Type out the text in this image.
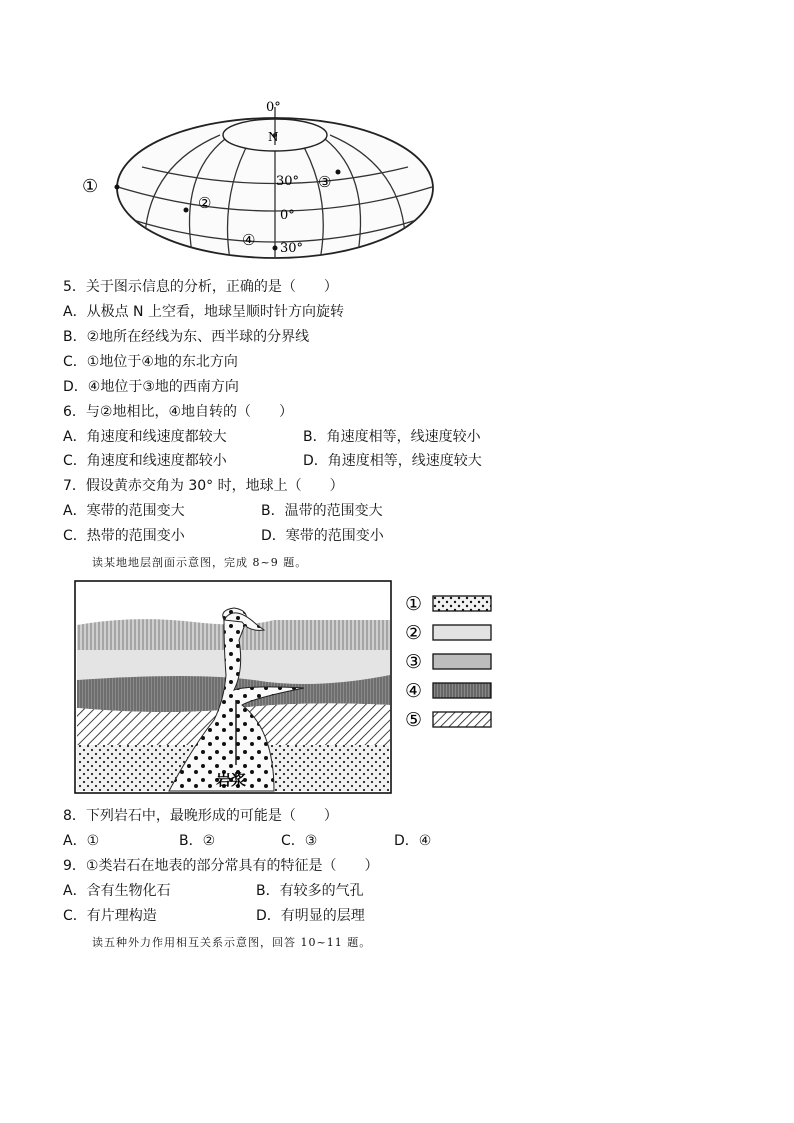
0°
N
30°
0°
30°
①
②
③
④
5．关于图示信息的分析，正确的是（　　）
A．从极点 N 上空看，地球呈顺时针方向旋转
B．②地所在经线为东、西半球的分界线
C．①地位于④地的东北方向
D．④地位于③地的西南方向
6．与②地相比，④地自转的（　　）
A．角速度和线速度都较大	B．角速度相等，线速度较小
C．角速度和线速度都较小	D．角速度相等，线速度较大
7．假设黄赤交角为 30° 时，地球上（　　）
A．寒带的范围变大	B．温带的范围变大
C．热带的范围变小	D．寒带的范围变小
读某地地层剖面示意图，完成 8~9 题。
岩浆
①
②
③
④
⑤
8．下列岩石中，最晚形成的可能是（　　）
A．①	B．②	C．③	D．④
9．①类岩石在地表的部分常具有的特征是（　　）
A．含有生物化石	B．有较多的气孔
C．有片理构造	D．有明显的层理
读五种外力作用相互关系示意图，回答 10~11 题。
